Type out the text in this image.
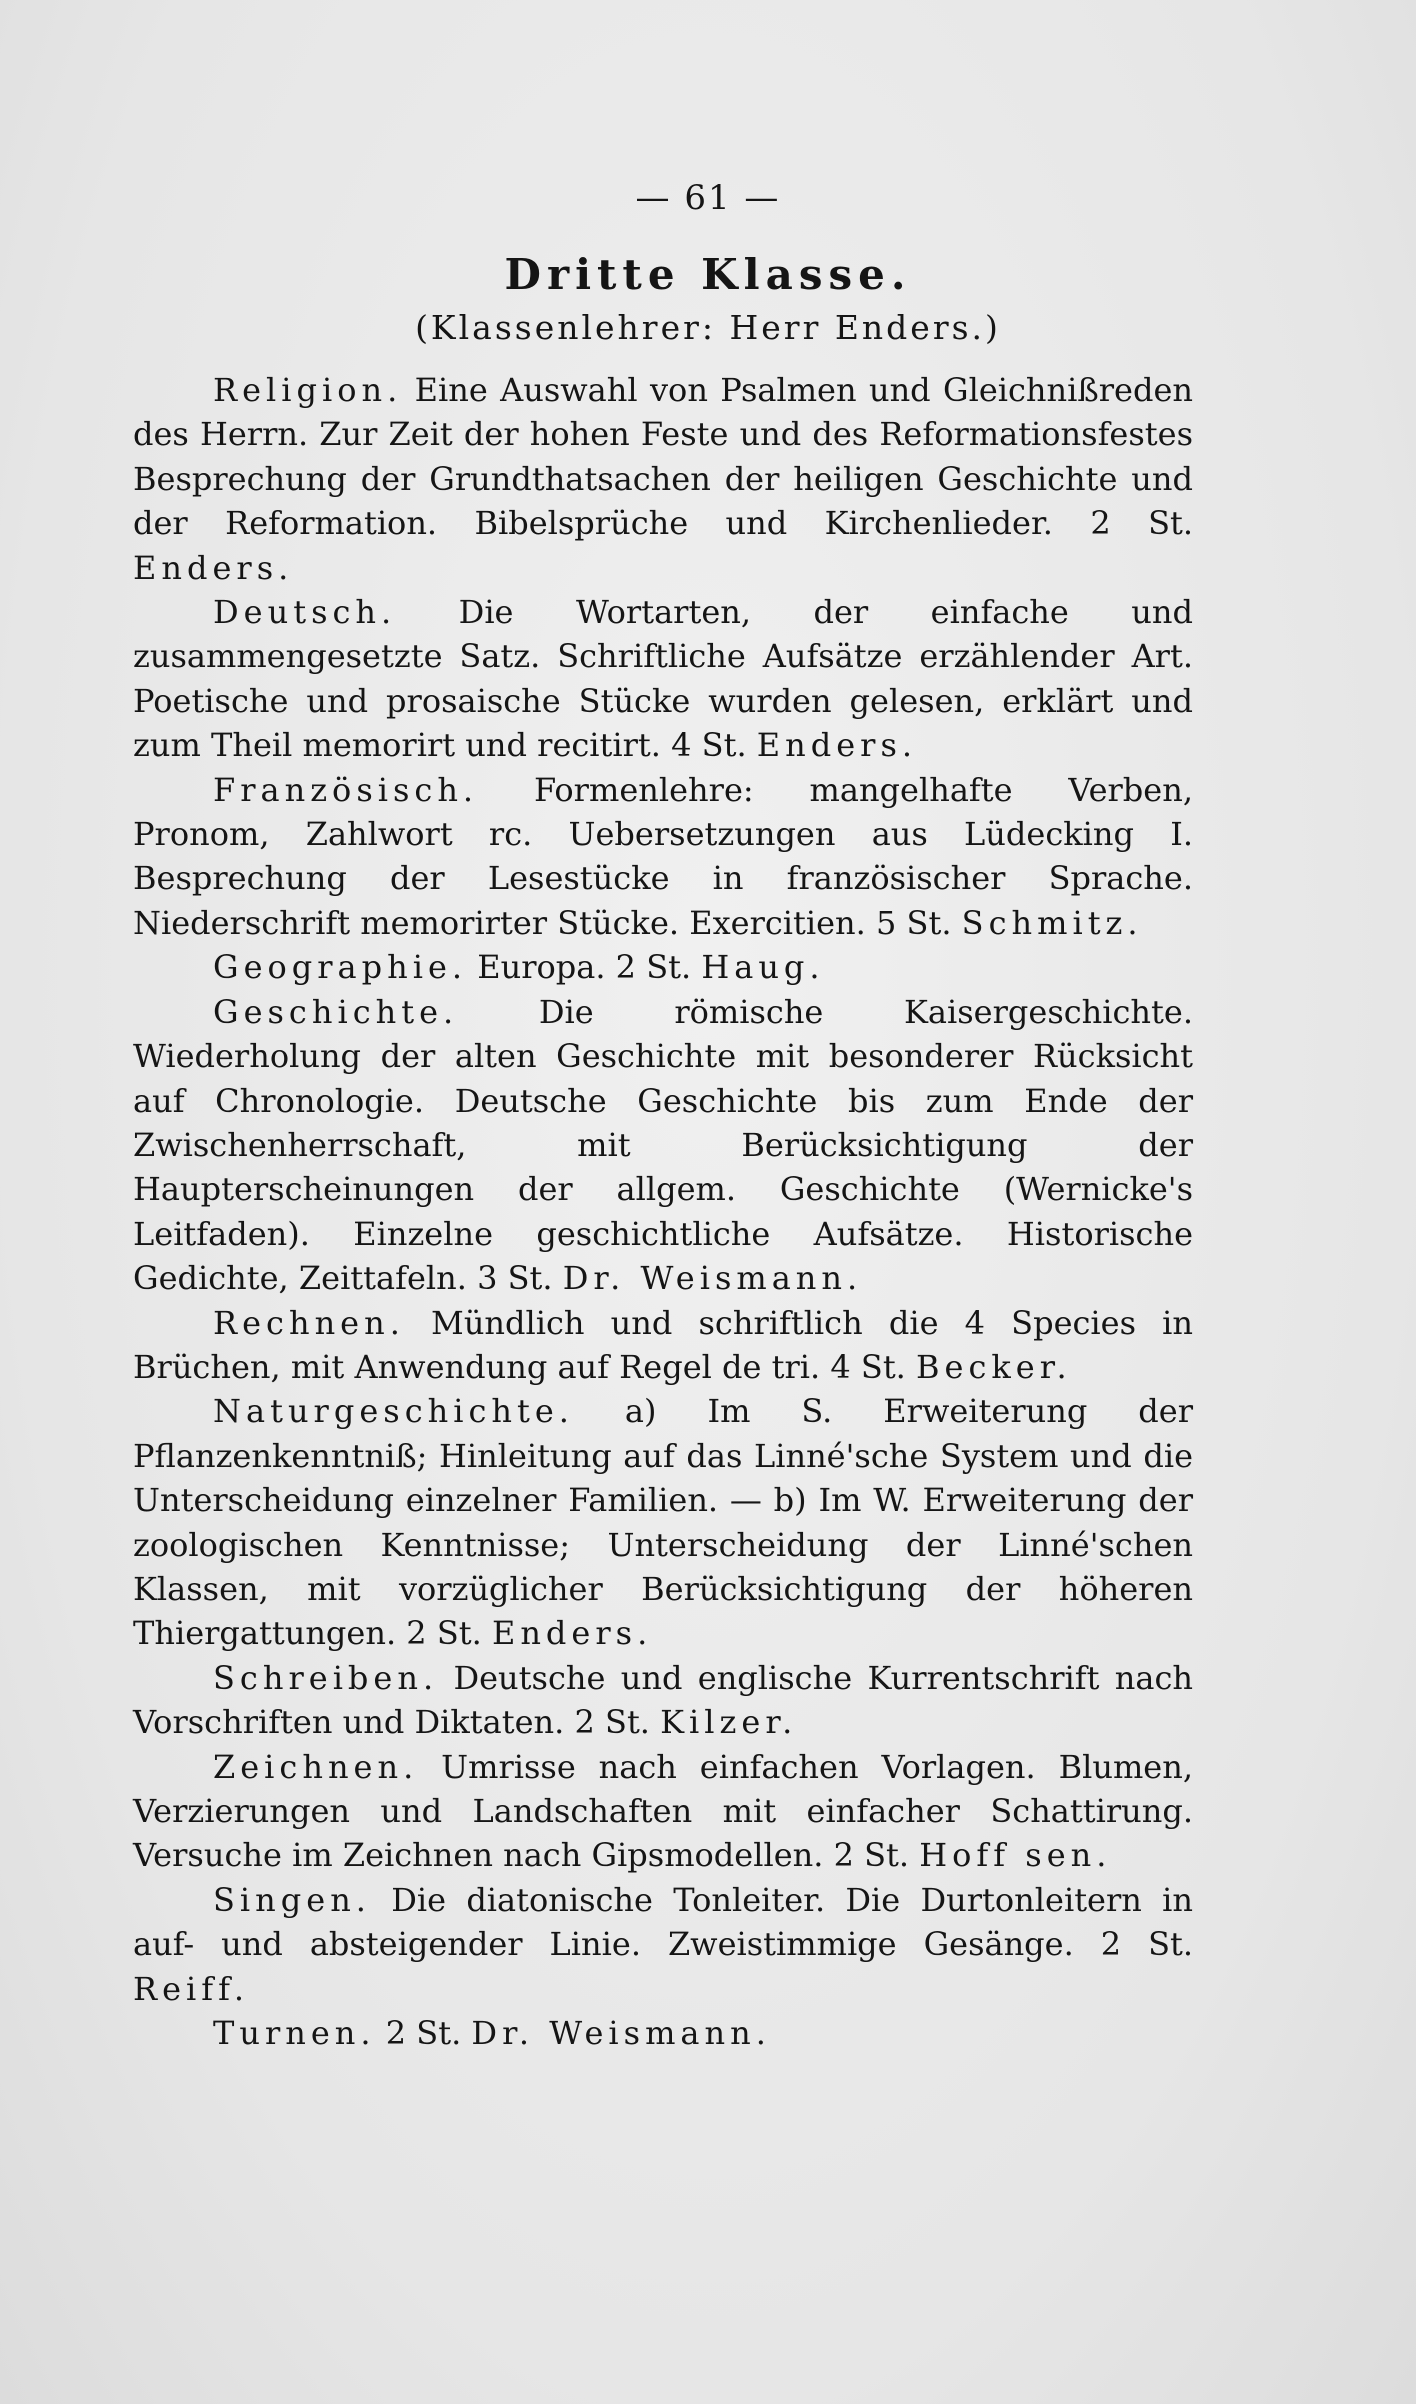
— 61 —
Dritte Klasse.
(Klassenlehrer: Herr Enders.)

Religion. Eine Auswahl von Psalmen und Gleichnißreden des Herrn. Zur Zeit der hohen Feste und des Reformationsfestes Besprechung der Grundthatsachen der heiligen Geschichte und der Reformation. Bibelsprüche und Kirchenlieder. 2 St. Enders.

Deutsch. Die Wortarten, der einfache und zusammengesetzte Satz. Schriftliche Aufsätze erzählender Art. Poetische und prosaische Stücke wurden gelesen, erklärt und zum Theil memorirt und recitirt. 4 St. Enders.

Französisch. Formenlehre: mangelhafte Verben, Pronom, Zahlwort rc. Uebersetzungen aus Lüdecking I. Besprechung der Lesestücke in französischer Sprache. Niederschrift memorirter Stücke. Exercitien. 5 St. Schmitz.

Geographie. Europa. 2 St. Haug.

Geschichte.	Die römische Kaisergeschichte. Wiederholung der alten Geschichte mit besonderer Rücksicht auf Chronologie. Deutsche Geschichte bis zum Ende der Zwischenherrschaft, mit Berücksichtigung der Haupterscheinungen der allgem. Geschichte (Wernicke's Leitfaden). Einzelne geschichtliche Aufsätze. Historische Gedichte, Zeittafeln. 3 St. Dr. Weismann.

Rechnen. Mündlich und schriftlich die 4 Species in Brüchen, mit Anwendung auf Regel de tri. 4 St. Becker.

Naturgeschichte. a) Im S. Erweiterung der Pflanzenkenntniß; Hinleitung auf das Linné'sche System und die Unterscheidung einzelner Familien. — b) Im W. Erweiterung der zoologischen Kenntnisse; Unterscheidung der Linné'schen Klassen, mit vorzüglicher Berücksichtigung der höheren Thiergattungen. 2 St. Enders.

Schreiben. Deutsche und englische Kurrentschrift nach Vorschriften und Diktaten. 2 St. Kilzer.

Zeichnen. Umrisse nach einfachen Vorlagen. Blumen, Verzierungen und Landschaften mit einfacher Schattirung. Versuche im Zeichnen nach Gipsmodellen. 2 St. Hoff sen.

Singen. Die diatonische Tonleiter. Die Durtonleitern in auf- und absteigender Linie. Zweistimmige Gesänge. 2 St. Reiff.

Turnen. 2 St. Dr. Weismann.
